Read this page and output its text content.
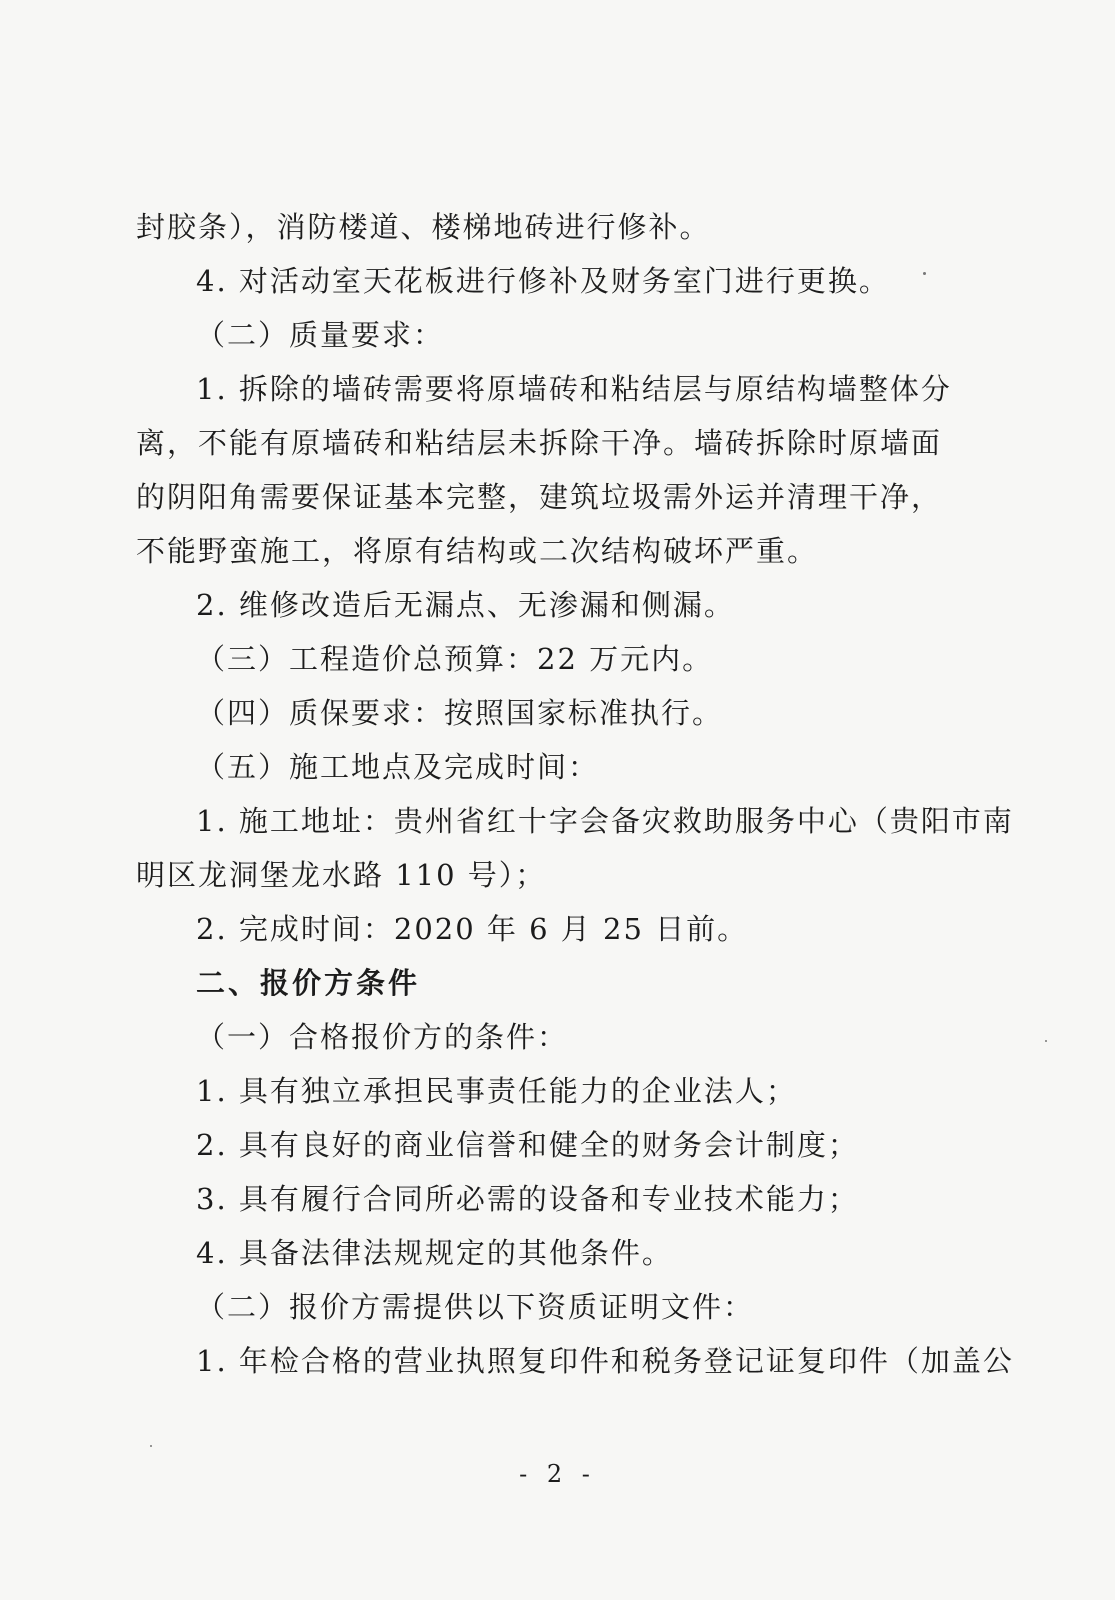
封胶条），消防楼道、楼梯地砖进行修补。
4. 对活动室天花板进行修补及财务室门进行更换。
（二）质量要求：
1. 拆除的墙砖需要将原墙砖和粘结层与原结构墙整体分
离，不能有原墙砖和粘结层未拆除干净。墙砖拆除时原墙面
的阴阳角需要保证基本完整，建筑垃圾需外运并清理干净，
不能野蛮施工，将原有结构或二次结构破坏严重。
2. 维修改造后无漏点、无渗漏和侧漏。
（三）工程造价总预算：22 万元内。
（四）质保要求：按照国家标准执行。
（五）施工地点及完成时间：
1. 施工地址：贵州省红十字会备灾救助服务中心（贵阳市南
明区龙洞堡龙水路 110 号）；
2. 完成时间：2020 年 6 月 25 日前。
二、报价方条件
（一）合格报价方的条件：
1. 具有独立承担民事责任能力的企业法人；
2. 具有良好的商业信誉和健全的财务会计制度；
3. 具有履行合同所必需的设备和专业技术能力；
4. 具备法律法规规定的其他条件。
（二）报价方需提供以下资质证明文件：
1. 年检合格的营业执照复印件和税务登记证复印件（加盖公
- 2 -
